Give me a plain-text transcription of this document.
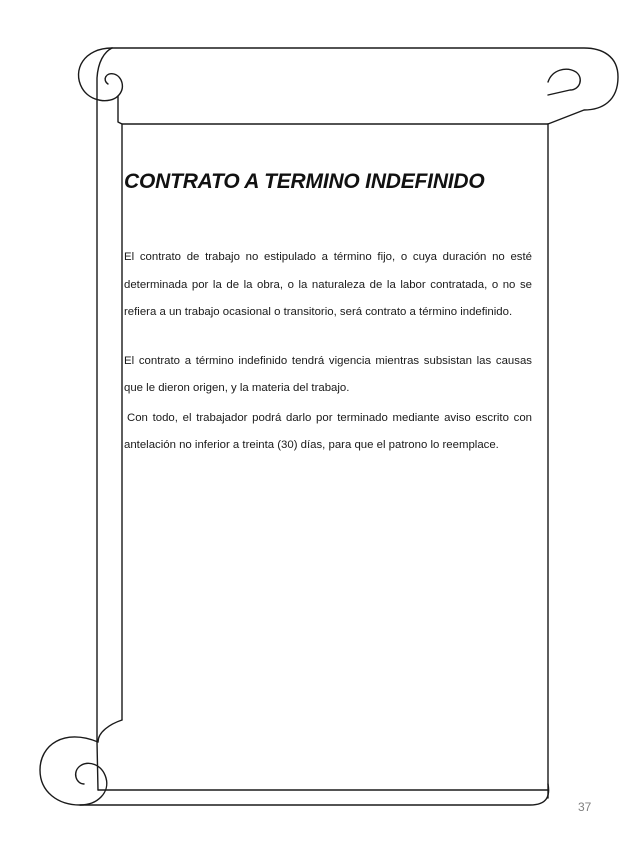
CONTRATO A TERMINO INDEFINIDO

El contrato de trabajo no estipulado a término fijo, o cuya duración no esté determinada por la de la obra, o la naturaleza de la labor contratada, o no se refiera a un trabajo ocasional o transitorio, será contrato a término indefinido.

El contrato a término indefinido tendrá vigencia mientras subsistan las causas que le dieron origen, y la materia del trabajo.

Con todo, el trabajador podrá darlo por terminado mediante aviso escrito con antelación no inferior a treinta (30) días, para que el patrono lo reemplace.

37
